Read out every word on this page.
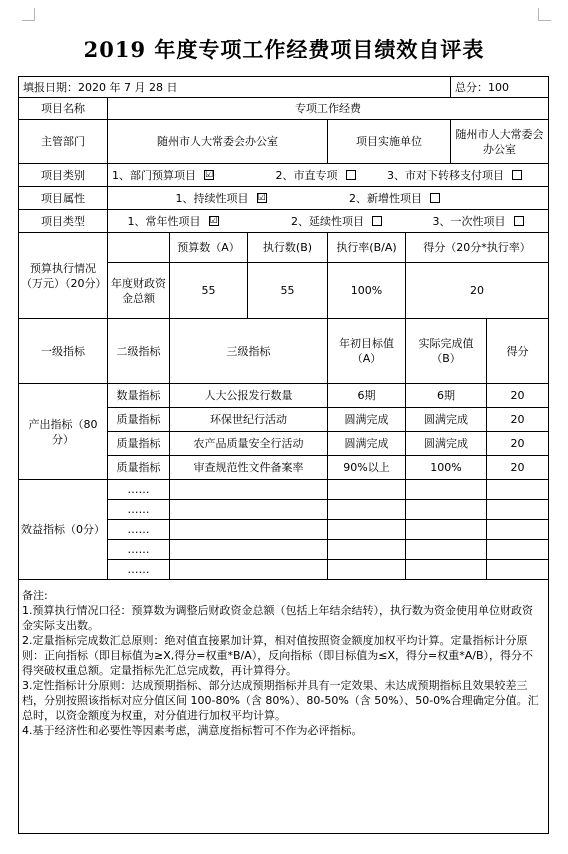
2019 年度专项工作经费项目绩效自评表
填报日期：2020 年 7 月 28 日						总分：100	
项目名称	专项工作经费						
主管部门	随州市人大常委会办公室			项目实施单位		随州市人大常委会办公室	
项目类别	1、部门预算项目 ☑ 2、市直专项 3、市对下转移支付项目						
项目属性	1、持续性项目 ☑ 2、新增性项目						
项目类型	1、常年性项目 ☑ 2、延续性项目 3、一次性项目						
预算执行情况（万元）（20分）		预算数（A）	执行数(B)	执行率(B/A)	得分（20分*执行率）		
	年度财政资金总额	55	55	100%	20		
一级指标	二级指标	三级指标		年初目标值（A）	实际完成值（B）		得分
产出指标（80分）	数量指标	人大公报发行数量		6期	6期		20
	质量指标	环保世纪行活动		圆满完成	圆满完成		20
	质量指标	农产品质量安全行活动		圆满完成	圆满完成		20
	质量指标	审查规范性文件备案率		90%以上	100%		20
效益指标（0分）	……						
	……						
	……						
	……						
	……						

备注:
1.预算执行情况口径：预算数为调整后财政资金总额（包括上年结余结转），执行数为资金使用单位财政资金实际支出数。
2.定量指标完成数汇总原则：绝对值直接累加计算，相对值按照资金额度加权平均计算。定量指标计分原则：正向指标（即目标值为≥X,得分=权重*B/A），反向指标（即目标值为≤X，得分=权重*A/B），得分不得突破权重总额。定量指标先汇总完成数，再计算得分。
3.定性指标计分原则：达成预期指标、部分达成预期指标并具有一定效果、未达成预期指标且效果较差三档，分别按照该指标对应分值区间 100-80%（含 80%）、80-50%（含 50%）、50-0%合理确定分值。汇总时，以资金额度为权重，对分值进行加权平均计算。
4.基于经济性和必要性等因素考虑，满意度指标暂可不作为必评指标。							
